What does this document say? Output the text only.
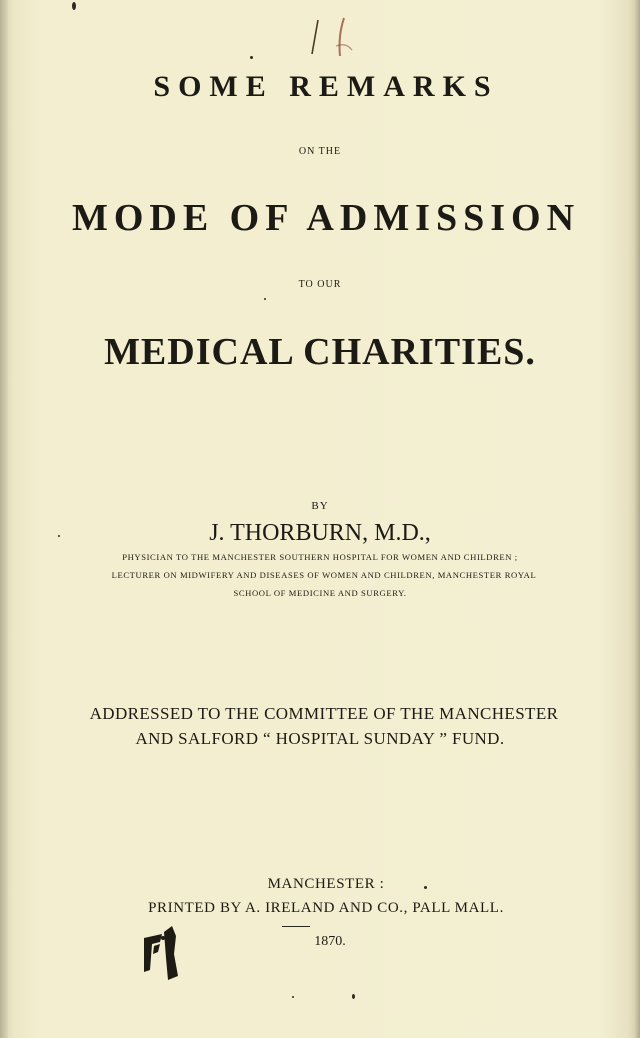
SOME REMARKS
ON THE
MODE OF ADMISSION
TO OUR
MEDICAL CHARITIES.
BY
J. THORBURN, M.D.,
PHYSICIAN TO THE MANCHESTER SOUTHERN HOSPITAL FOR WOMEN AND CHILDREN ;
LECTURER ON MIDWIFERY AND DISEASES OF WOMEN AND CHILDREN, MANCHESTER ROYAL
SCHOOL OF MEDICINE AND SURGERY.
ADDRESSED TO THE COMMITTEE OF THE MANCHESTER
AND SALFORD “ HOSPITAL SUNDAY ” FUND.
MANCHESTER :
PRINTED BY A. IRELAND AND CO., PALL MALL.
1870.
